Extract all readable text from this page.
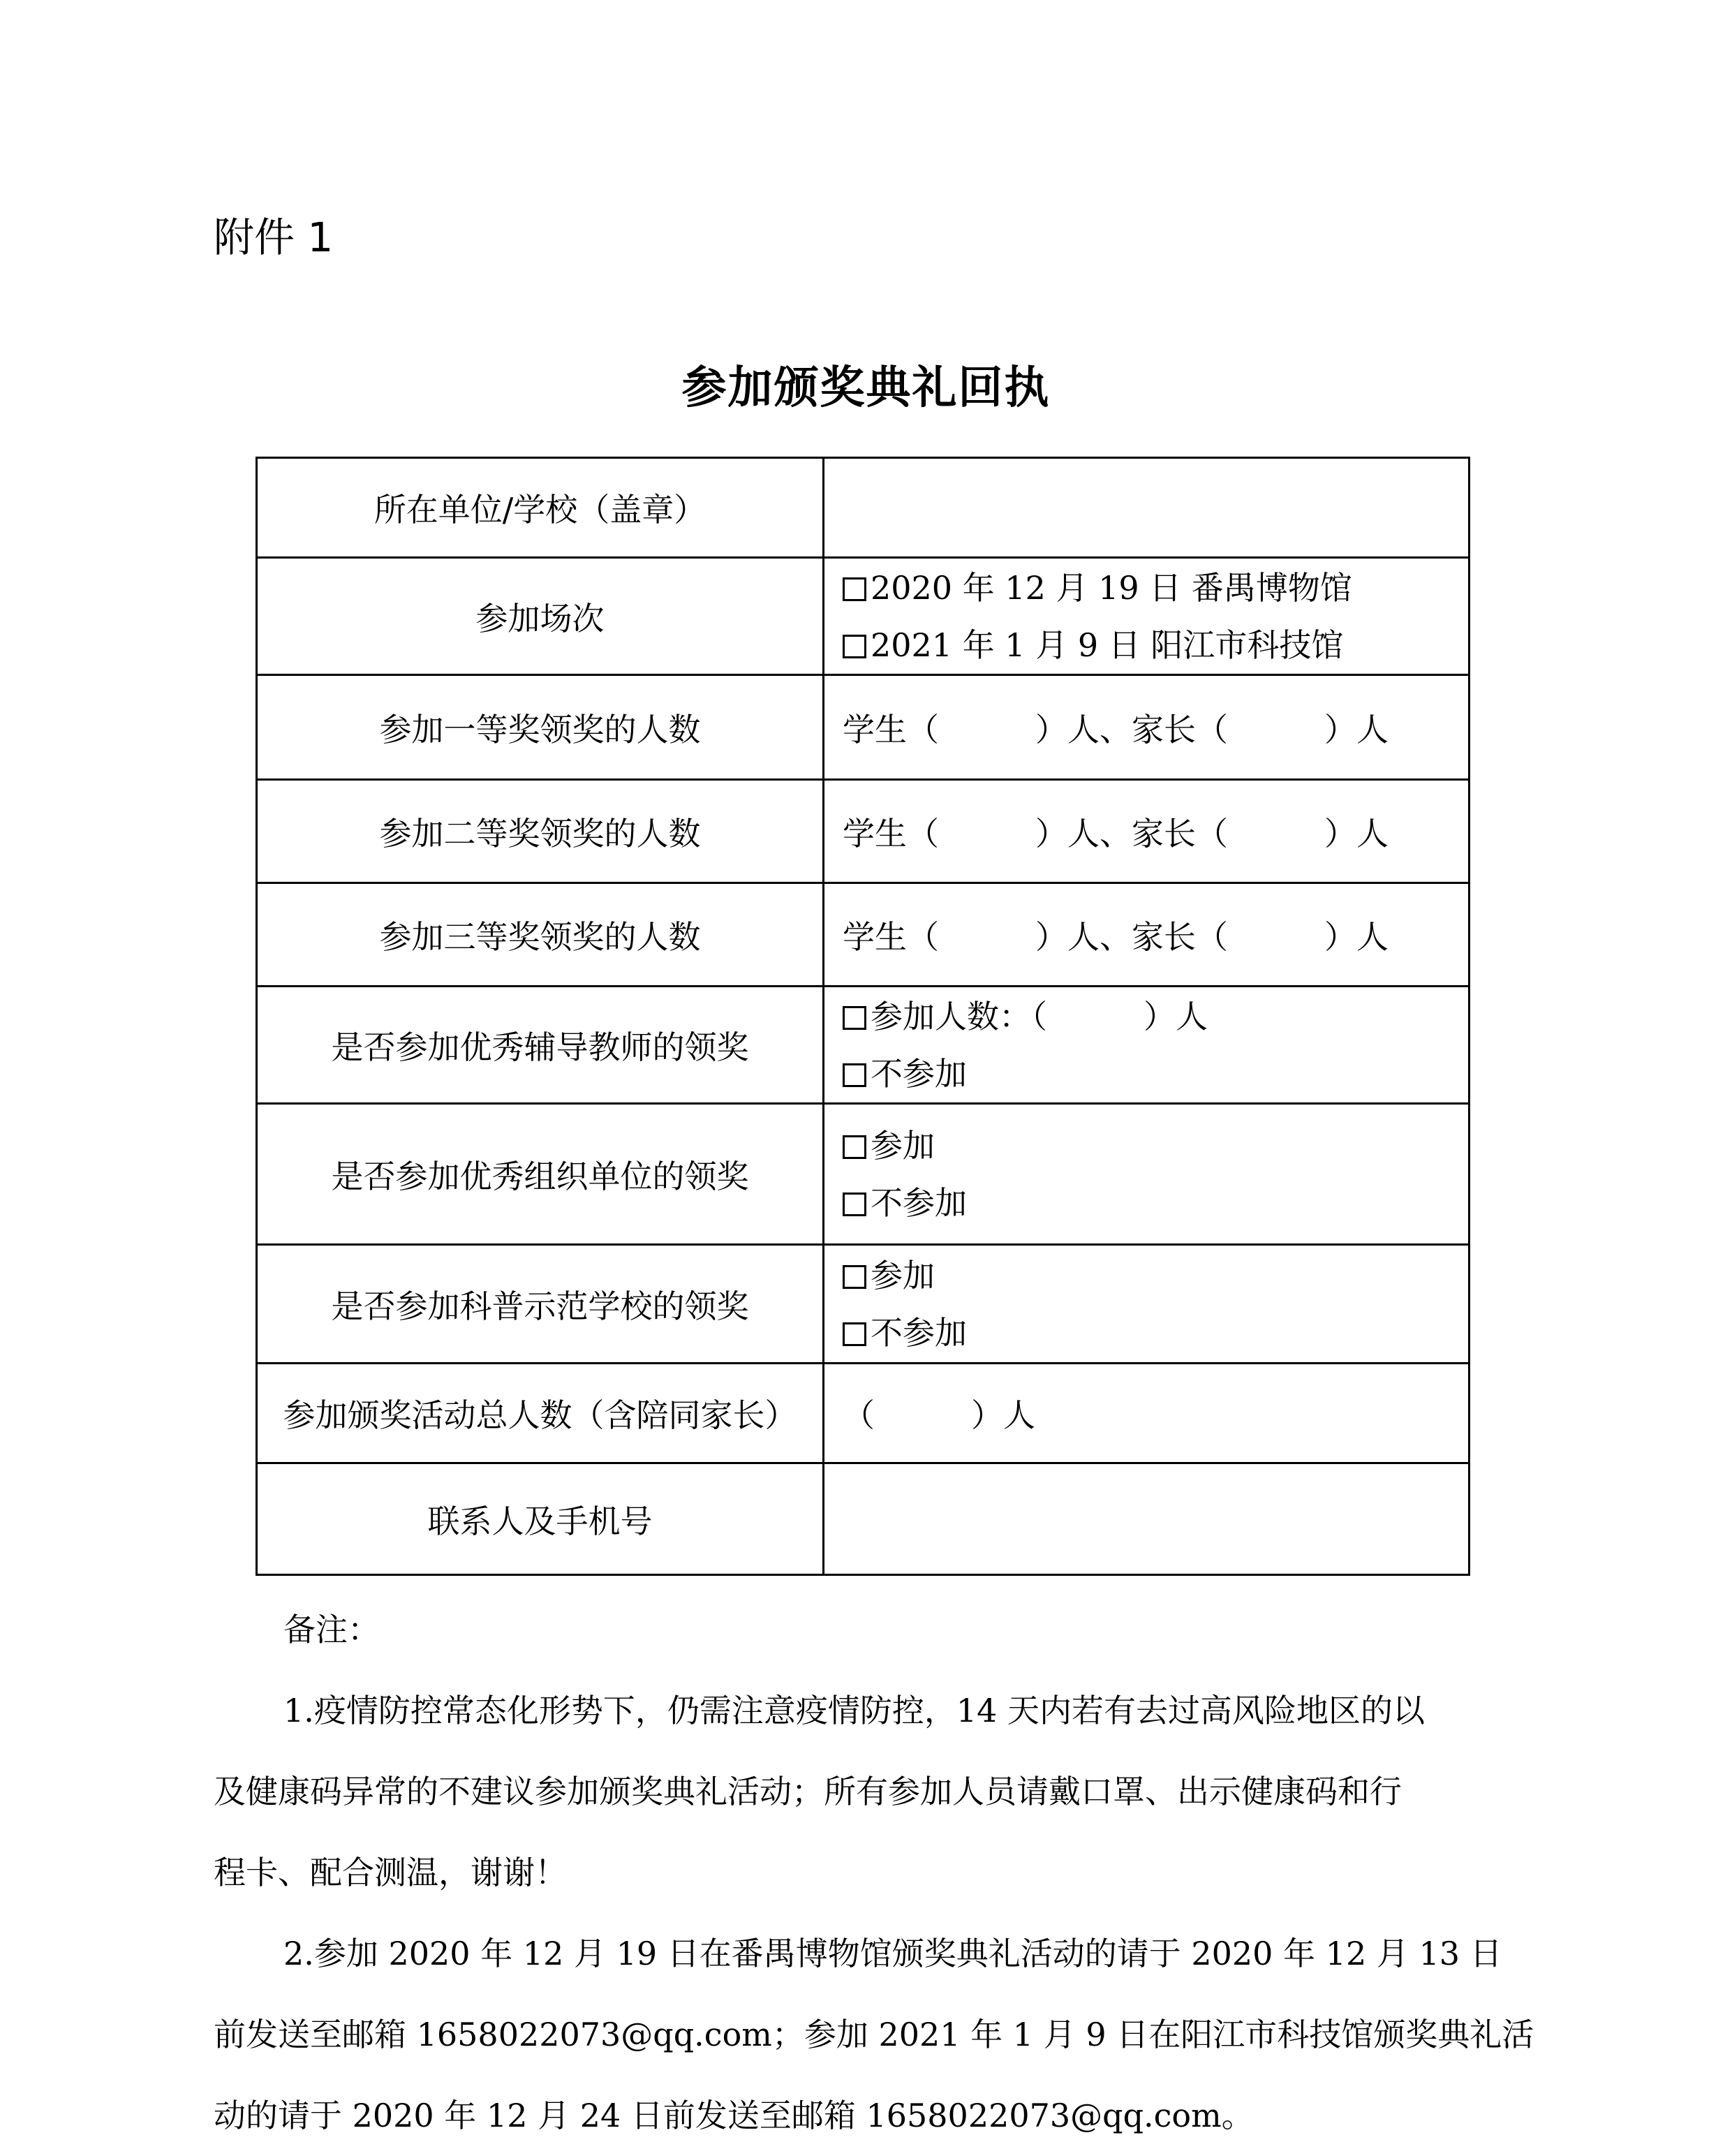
附件 1
参加颁奖典礼回执
所在单位/学校（盖章）	
参加场次	2020 年 12 月 19 日 番禺博物馆
2021 年 1 月 9 日 阳江市科技馆

参加一等奖领奖的人数	学生（　　　）人、家长（　　　）人
参加二等奖领奖的人数	学生（　　　）人、家长（　　　）人
参加三等奖领奖的人数	学生（　　　）人、家长（　　　）人
是否参加优秀辅导教师的领奖	参加人数：（　　　）人
不参加

是否参加优秀组织单位的领奖	参加
不参加

是否参加科普示范学校的领奖	参加
不参加

参加颁奖活动总人数（含陪同家长）	（　　　）人
联系人及手机号	

备注：

1.疫情防控常态化形势下，仍需注意疫情防控，14 天内若有去过高风险地区的以

及健康码异常的不建议参加颁奖典礼活动；所有参加人员请戴口罩、出示健康码和行

程卡、配合测温，谢谢！

2.参加 2020 年 12 月 19 日在番禺博物馆颁奖典礼活动的请于 2020 年 12 月 13 日

前发送至邮箱 1658022073@qq.com；参加 2021 年 1 月 9 日在阳江市科技馆颁奖典礼活

动的请于 2020 年 12 月 24 日前发送至邮箱 1658022073@qq.com。
